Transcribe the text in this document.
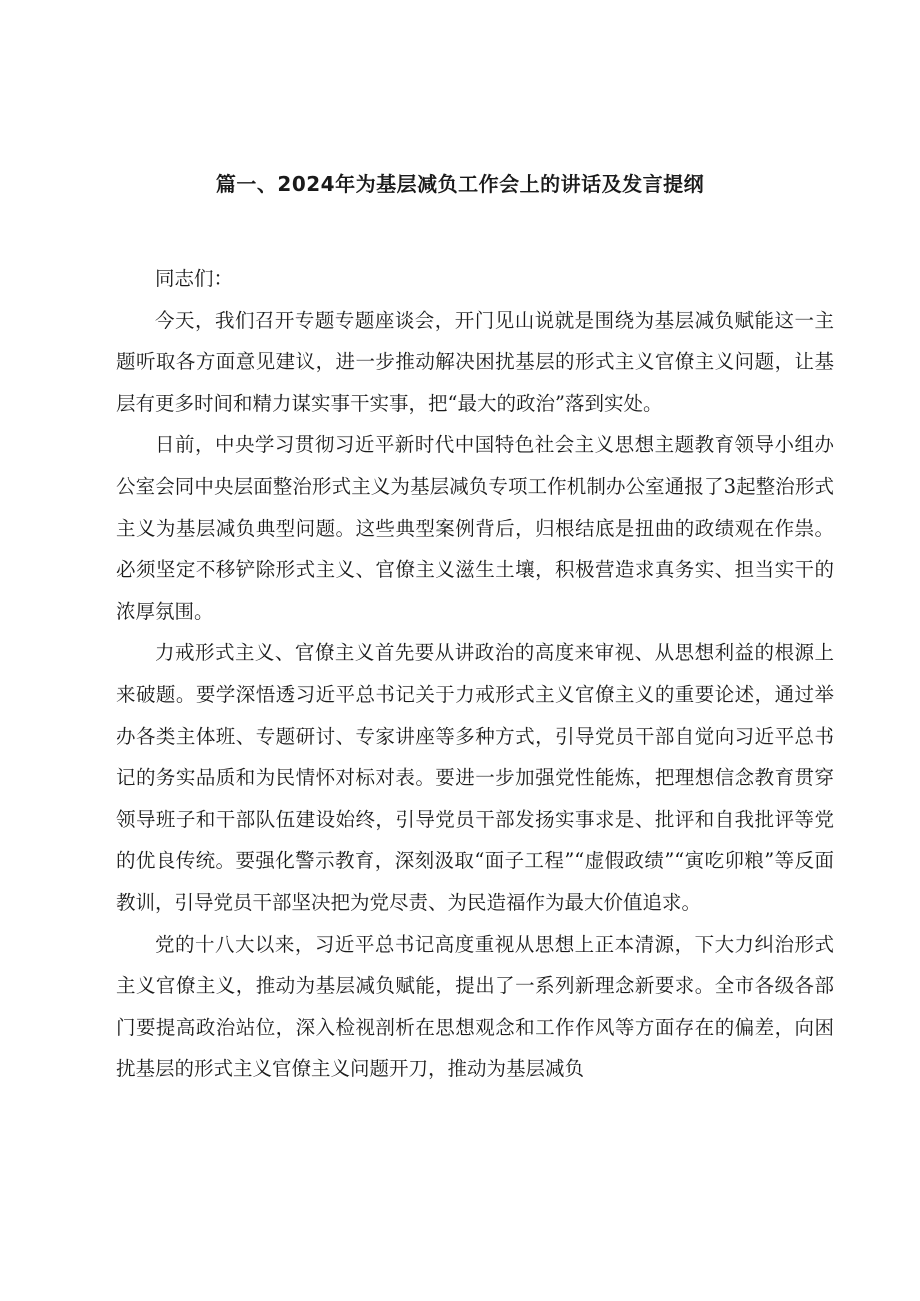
篇一、2024年为基层减负工作会上的讲话及发言提纲

同志们：

今天，我们召开专题专题座谈会，开门见山说就是围绕为基层减负赋能这一主题听取各方面意见建议，进一步推动解决困扰基层的形式主义官僚主义问题，让基层有更多时间和精力谋实事干实事，把“最大的政治”落到实处。

日前，中央学习贯彻习近平新时代中国特色社会主义思想主题教育领导小组办公室会同中央层面整治形式主义为基层减负专项工作机制办公室通报了3起整治形式主义为基层减负典型问题。这些典型案例背后，归根结底是扭曲的政绩观在作祟。必须坚定不移铲除形式主义、官僚主义滋生土壤，积极营造求真务实、担当实干的浓厚氛围。

力戒形式主义、官僚主义首先要从讲政治的高度来审视、从思想利益的根源上来破题。要学深悟透习近平总书记关于力戒形式主义官僚主义的重要论述，通过举办各类主体班、专题研讨、专家讲座等多种方式，引导党员干部自觉向习近平总书记的务实品质和为民情怀对标对表。要进一步加强党性能炼，把理想信念教育贯穿领导班子和干部队伍建设始终，引导党员干部发扬实事求是、批评和自我批评等党的优良传统。要强化警示教育，深刻汲取“面子工程”“虚假政绩”“寅吃卯粮”等反面教训，引导党员干部坚决把为党尽责、为民造福作为最大价值追求。

党的十八大以来，习近平总书记高度重视从思想上正本清源，下大力纠治形式主义官僚主义，推动为基层减负赋能，提出了一系列新理念新要求。全市各级各部门要提高政治站位，深入检视剖析在思想观念和工作作风等方面存在的偏差，向困扰基层的形式主义官僚主义问题开刀，推动为基层减负
